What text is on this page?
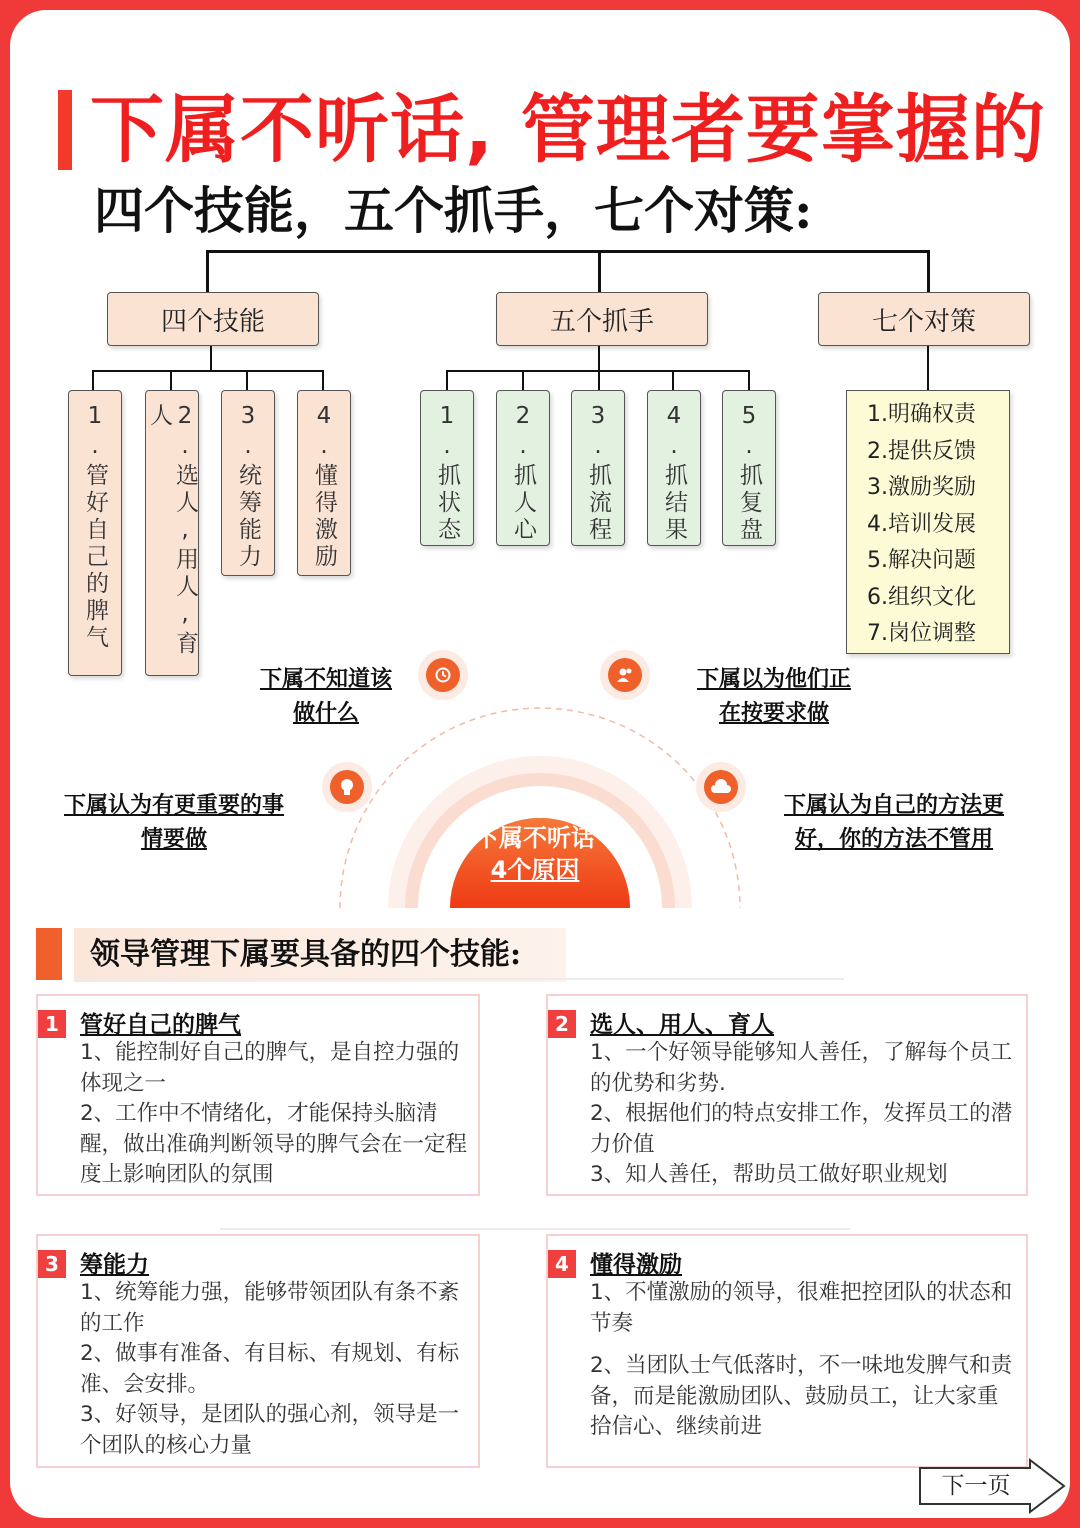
下属不听话, 管理者要掌握的
四个技能，五个抓手，七个对策:
四个技能	五个抓手	七个对策
1.管好自己的脾气	2.选人,用人,育人	3.统筹能力 4.懂得激励	1.抓状态 2.抓人心 3.抓流程 4.抓结果 5.抓复盘	1.明确权责
2.提供反馈
3.激励奖励
4.培训发展
5.解决问题
6.组织文化
7.岗位调整
下属不听话
4个原因
下属不知道该
做什么
下属以为他们正
在按要求做
下属认为有更重要的事
情要做
下属认为自己的方法更
好，你的方法不管用
领导管理下属要具备的四个技能:
1 管好自己的脾气

1、能控制好自己的脾气，是自控力强的体现之一

2、工作中不情绪化，才能保持头脑清醒，做出准确判断领导的脾气会在一定程度上影响团队的氛围

2 选人、用人、育人

1、一个好领导能够知人善任，了解每个员工的优势和劣势.

2、根据他们的特点安排工作，发挥员工的潜力价值

3、知人善任，帮助员工做好职业规划

3 筹能力

1、统筹能力强，能够带领团队有条不紊的工作

2、做事有准备、有目标、有规划、有标准、会安排。

3、好领导，是团队的强心剂，领导是一个团队的核心力量

4 懂得激励

1、不懂激励的领导，很难把控团队的状态和节奏

2、当团队士气低落时，不一味地发脾气和责备，而是能激励团队、鼓励员工，让大家重拾信心、继续前进

下一页
